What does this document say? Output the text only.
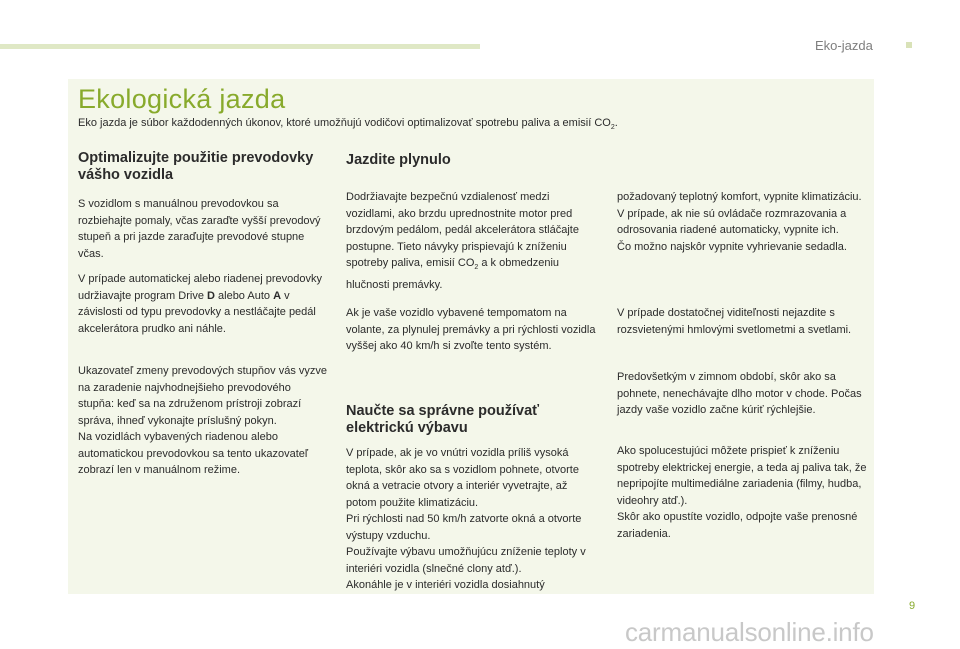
Eko-jazda
Ekologická jazda
Eko jazda je súbor každodenných úkonov, ktoré umožňujú vodičovi optimalizovať spotrebu paliva a emisií $CO_2$.
Optimalizujte použitie prevodovky vášho vozidla

S vozidlom s manuálnou prevodovkou sa rozbiehajte pomaly, včas zaraďte vyšší prevodový stupeň a pri jazde zaraďujte prevodové stupne včas.

V prípade automatickej alebo riadenej prevodovky udržiavajte program Drive D alebo Auto A v závislosti od typu prevodovky a nestláčajte pedál akcelerátora prudko ani náhle.

Ukazovateľ zmeny prevodových stupňov vás vyzve na zaradenie najvhodnejšieho prevodového stupňa: keď sa na združenom prístroji zobrazí správa, ihneď vykonajte príslušný pokyn.

Na vozidlách vybavených riadenou alebo automatickou prevodovkou sa tento ukazovateľ zobrazí len v manuálnom režime.

Jazdite plynulo

Dodržiavajte bezpečnú vzdialenosť medzi vozidlami, ako brzdu uprednostnite motor pred brzdovým pedálom, pedál akcelerátora stláčajte postupne. Tieto návyky prispievajú k zníženiu spotreby paliva, emisií $CO_2$ a k obmedzeniu hlučnosti premávky.

Ak je vaše vozidlo vybavené tempomatom na volante, za plynulej premávky a pri rýchlosti vozidla vyššej ako 40 km/h si zvoľte tento systém.

Naučte sa správne používať elektrickú výbavu

V prípade, ak je vo vnútri vozidla príliš vysoká teplota, skôr ako sa s vozidlom pohnete, otvorte okná a vetracie otvory a interiér vyvetrajte, až potom použite klimatizáciu.

Pri rýchlosti nad 50 km/h zatvorte okná a otvorte výstupy vzduchu.

Používajte výbavu umožňujúcu zníženie teploty v interiéri vozidla (slnečné clony atď.).

Akonáhle je v interiéri vozidla dosiahnutý

požadovaný teplotný komfort, vypnite klimatizáciu.

V prípade, ak nie sú ovládače rozmrazovania a odrosovania riadené automaticky, vypnite ich.

Čo možno najskôr vypnite vyhrievanie sedadla.

V prípade dostatočnej viditeľnosti nejazdite s rozsvietenými hmlovými svetlometmi a svetlami.

Predovšetkým v zimnom období, skôr ako sa pohnete, nenechávajte dlho motor v chode. Počas jazdy vaše vozidlo začne kúriť rýchlejšie.

Ako spolucestujúci môžete prispieť k zníženiu spotreby elektrickej energie, a teda aj paliva tak, že nepripojíte multimediálne zariadenia (filmy, hudba, videohry atď.).

Skôr ako opustíte vozidlo, odpojte vaše prenosné zariadenia.

9
carmanualsonline.info
